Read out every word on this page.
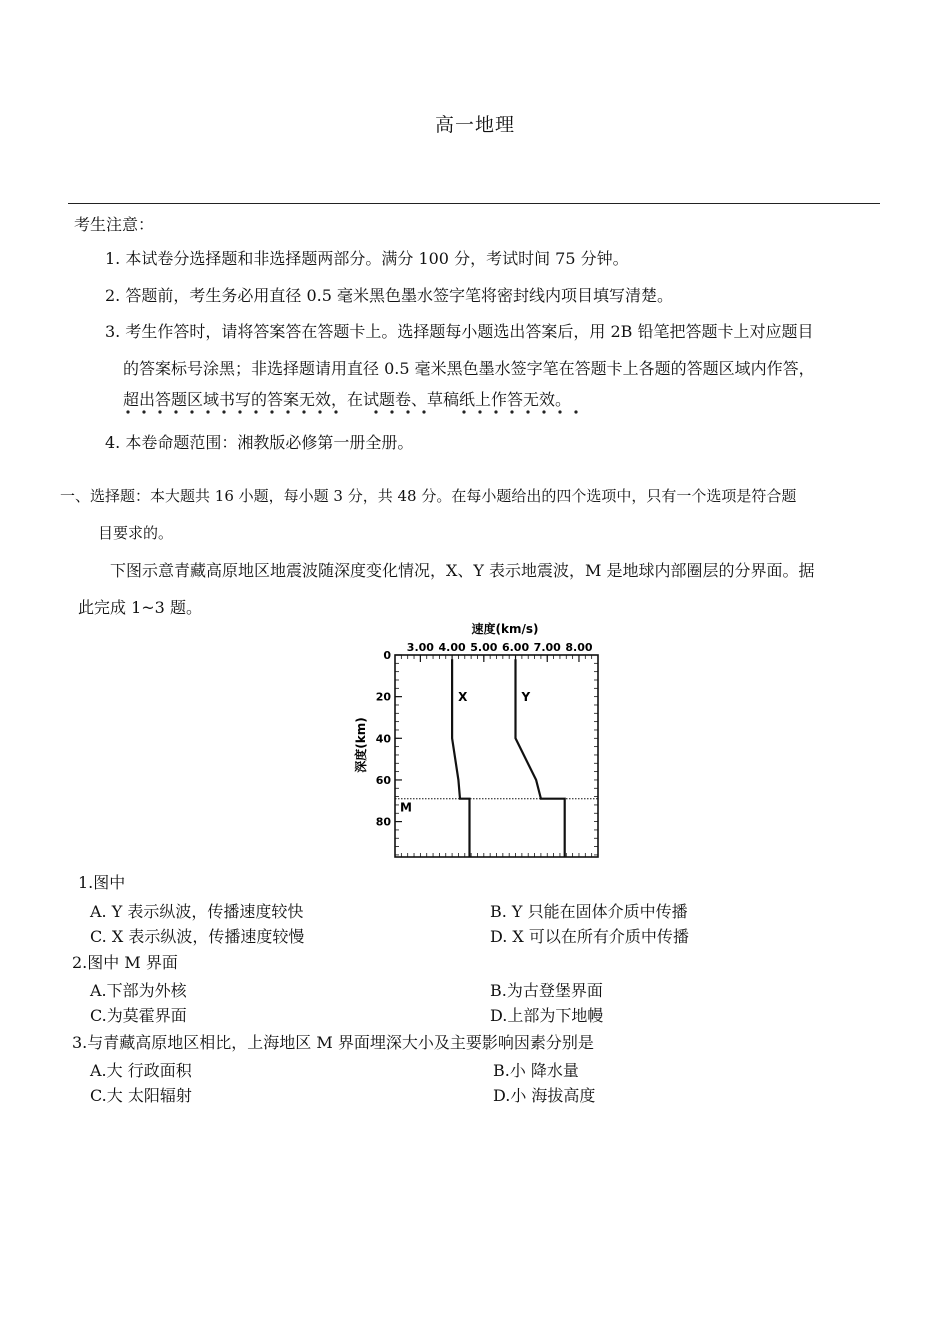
高一地理
考生注意：
1. 本试卷分选择题和非选择题两部分。满分 100 分，考试时间 75 分钟。
2. 答题前，考生务必用直径 0.5 毫米黑色墨水签字笔将密封线内项目填写清楚。
3. 考生作答时，请将答案答在答题卡上。选择题每小题选出答案后，用 2B 铅笔把答题卡上对应题目
的答案标号涂黑；非选择题请用直径 0.5 毫米黑色墨水签字笔在答题卡上各题的答题区域内作答，
超出答题区域书写的答案无效，在试题卷、草稿纸上作答无效。
4. 本卷命题范围：湘教版必修第一册全册。
一、选择题：本大题共 16 小题，每小题 3 分，共 48 分。在每小题给出的四个选项中，只有一个选项是符合题
目要求的。
下图示意青藏高原地区地震波随深度变化情况，X、Y 表示地震波，M 是地球内部圈层的分界面。据
此完成 1~3 题。
速度(km/s)
深度(km)
3.00 4.00 5.00 6.00 7.00 8.00
0
20
40
60
80
M
X	Y
1.图中
A. Y 表示纵波，传播速度较快	B. Y 只能在固体介质中传播
C. X 表示纵波，传播速度较慢	D. X 可以在所有介质中传播
2.图中 M 界面
A.下部为外核	B.为古登堡界面
C.为莫霍界面	D.上部为下地幔
3.与青藏高原地区相比，上海地区 M 界面埋深大小及主要影响因素分别是
A.大 行政面积	B.小 降水量
C.大 太阳辐射	D.小 海拔高度
